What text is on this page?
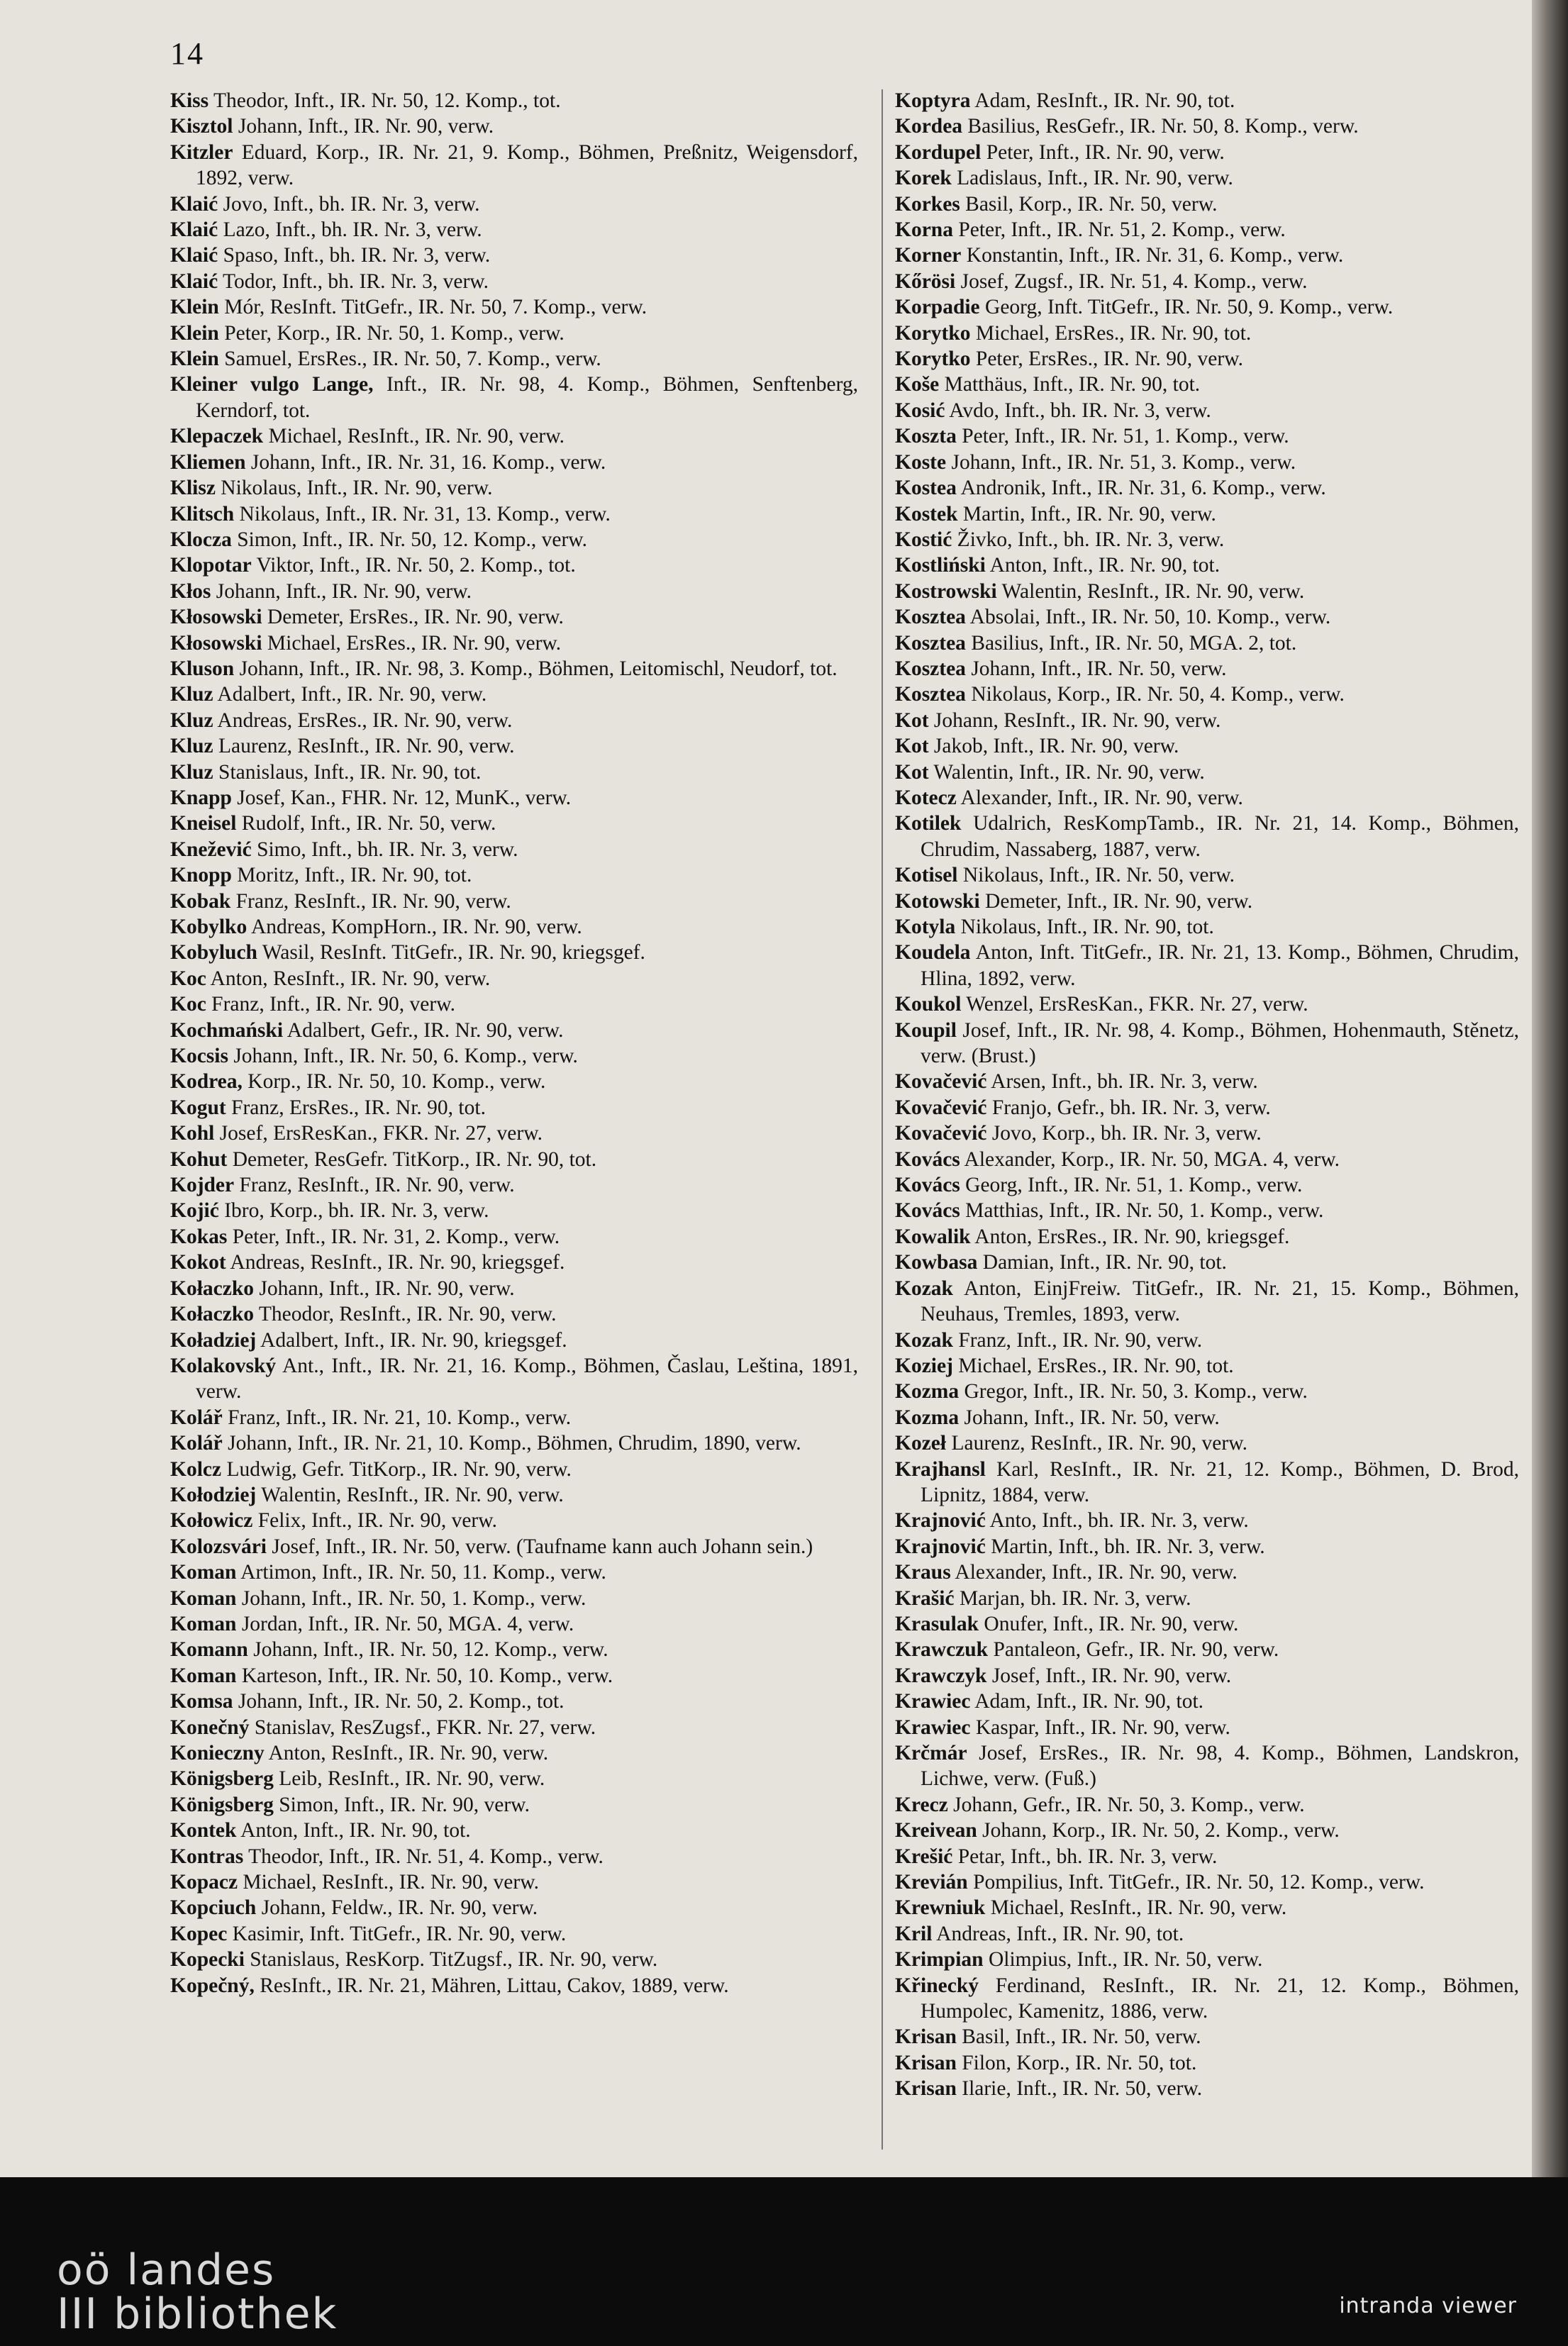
14

Kiss Theodor, Inft., IR. Nr. 50, 12. Komp., tot.

Kisztol Johann, Inft., IR. Nr. 90, verw.

Kitzler Eduard, Korp., IR. Nr. 21, 9. Komp., Böhmen, Preßnitz, Weigensdorf, 1892, verw.

Klaić Jovo, Inft., bh. IR. Nr. 3, verw.

Klaić Lazo, Inft., bh. IR. Nr. 3, verw.

Klaić Spaso, Inft., bh. IR. Nr. 3, verw.

Klaić Todor, Inft., bh. IR. Nr. 3, verw.

Klein Mór, ResInft. TitGefr., IR. Nr. 50, 7. Komp., verw.

Klein Peter, Korp., IR. Nr. 50, 1. Komp., verw.

Klein Samuel, ErsRes., IR. Nr. 50, 7. Komp., verw.

Kleiner vulgo Lange, Inft., IR. Nr. 98, 4. Komp., Böhmen, Senftenberg, Kerndorf, tot.

Klepaczek Michael, ResInft., IR. Nr. 90, verw.

Kliemen Johann, Inft., IR. Nr. 31, 16. Komp., verw.

Klisz Nikolaus, Inft., IR. Nr. 90, verw.

Klitsch Nikolaus, Inft., IR. Nr. 31, 13. Komp., verw.

Klocza Simon, Inft., IR. Nr. 50, 12. Komp., verw.

Klopotar Viktor, Inft., IR. Nr. 50, 2. Komp., tot.

Kłos Johann, Inft., IR. Nr. 90, verw.

Kłosowski Demeter, ErsRes., IR. Nr. 90, verw.

Kłosowski Michael, ErsRes., IR. Nr. 90, verw.

Kluson Johann, Inft., IR. Nr. 98, 3. Komp., Böhmen, Leitomischl, Neudorf, tot.

Kluz Adalbert, Inft., IR. Nr. 90, verw.

Kluz Andreas, ErsRes., IR. Nr. 90, verw.

Kluz Laurenz, ResInft., IR. Nr. 90, verw.

Kluz Stanislaus, Inft., IR. Nr. 90, tot.

Knapp Josef, Kan., FHR. Nr. 12, MunK., verw.

Kneisel Rudolf, Inft., IR. Nr. 50, verw.

Knežević Simo, Inft., bh. IR. Nr. 3, verw.

Knopp Moritz, Inft., IR. Nr. 90, tot.

Kobak Franz, ResInft., IR. Nr. 90, verw.

Kobylko Andreas, KompHorn., IR. Nr. 90, verw.

Kobyluch Wasil, ResInft. TitGefr., IR. Nr. 90, kriegsgef.

Koc Anton, ResInft., IR. Nr. 90, verw.

Koc Franz, Inft., IR. Nr. 90, verw.

Kochmański Adalbert, Gefr., IR. Nr. 90, verw.

Kocsis Johann, Inft., IR. Nr. 50, 6. Komp., verw.

Kodrea, Korp., IR. Nr. 50, 10. Komp., verw.

Kogut Franz, ErsRes., IR. Nr. 90, tot.

Kohl Josef, ErsResKan., FKR. Nr. 27, verw.

Kohut Demeter, ResGefr. TitKorp., IR. Nr. 90, tot.

Kojder Franz, ResInft., IR. Nr. 90, verw.

Kojić Ibro, Korp., bh. IR. Nr. 3, verw.

Kokas Peter, Inft., IR. Nr. 31, 2. Komp., verw.

Kokot Andreas, ResInft., IR. Nr. 90, kriegsgef.

Kołaczko Johann, Inft., IR. Nr. 90, verw.

Kołaczko Theodor, ResInft., IR. Nr. 90, verw.

Koładziej Adalbert, Inft., IR. Nr. 90, kriegsgef.

Kolakovský Ant., Inft., IR. Nr. 21, 16. Komp., Böhmen, Časlau, Leština, 1891, verw.

Kolář Franz, Inft., IR. Nr. 21, 10. Komp., verw.

Kolář Johann, Inft., IR. Nr. 21, 10. Komp., Böhmen, Chrudim, 1890, verw.

Kolcz Ludwig, Gefr. TitKorp., IR. Nr. 90, verw.

Kołodziej Walentin, ResInft., IR. Nr. 90, verw.

Kołowicz Felix, Inft., IR. Nr. 90, verw.

Kolozsvári Josef, Inft., IR. Nr. 50, verw. (Taufname kann auch Johann sein.)

Koman Artimon, Inft., IR. Nr. 50, 11. Komp., verw.

Koman Johann, Inft., IR. Nr. 50, 1. Komp., verw.

Koman Jordan, Inft., IR. Nr. 50, MGA. 4, verw.

Komann Johann, Inft., IR. Nr. 50, 12. Komp., verw.

Koman Karteson, Inft., IR. Nr. 50, 10. Komp., verw.

Komsa Johann, Inft., IR. Nr. 50, 2. Komp., tot.

Konečný Stanislav, ResZugsf., FKR. Nr. 27, verw.

Konieczny Anton, ResInft., IR. Nr. 90, verw.

Königsberg Leib, ResInft., IR. Nr. 90, verw.

Königsberg Simon, Inft., IR. Nr. 90, verw.

Kontek Anton, Inft., IR. Nr. 90, tot.

Kontras Theodor, Inft., IR. Nr. 51, 4. Komp., verw.

Kopacz Michael, ResInft., IR. Nr. 90, verw.

Kopciuch Johann, Feldw., IR. Nr. 90, verw.

Kopec Kasimir, Inft. TitGefr., IR. Nr. 90, verw.

Kopecki Stanislaus, ResKorp. TitZugsf., IR. Nr. 90, verw.

Kopečný, ResInft., IR. Nr. 21, Mähren, Littau, Cakov, 1889, verw.

Koptyra Adam, ResInft., IR. Nr. 90, tot.

Kordea Basilius, ResGefr., IR. Nr. 50, 8. Komp., verw.

Kordupel Peter, Inft., IR. Nr. 90, verw.

Korek Ladislaus, Inft., IR. Nr. 90, verw.

Korkes Basil, Korp., IR. Nr. 50, verw.

Korna Peter, Inft., IR. Nr. 51, 2. Komp., verw.

Korner Konstantin, Inft., IR. Nr. 31, 6. Komp., verw.

Kőrösi Josef, Zugsf., IR. Nr. 51, 4. Komp., verw.

Korpadie Georg, Inft. TitGefr., IR. Nr. 50, 9. Komp., verw.

Korytko Michael, ErsRes., IR. Nr. 90, tot.

Korytko Peter, ErsRes., IR. Nr. 90, verw.

Koše Matthäus, Inft., IR. Nr. 90, tot.

Kosić Avdo, Inft., bh. IR. Nr. 3, verw.

Koszta Peter, Inft., IR. Nr. 51, 1. Komp., verw.

Koste Johann, Inft., IR. Nr. 51, 3. Komp., verw.

Kostea Andronik, Inft., IR. Nr. 31, 6. Komp., verw.

Kostek Martin, Inft., IR. Nr. 90, verw.

Kostić Živko, Inft., bh. IR. Nr. 3, verw.

Kostliński Anton, Inft., IR. Nr. 90, tot.

Kostrowski Walentin, ResInft., IR. Nr. 90, verw.

Kosztea Absolai, Inft., IR. Nr. 50, 10. Komp., verw.

Kosztea Basilius, Inft., IR. Nr. 50, MGA. 2, tot.

Kosztea Johann, Inft., IR. Nr. 50, verw.

Kosztea Nikolaus, Korp., IR. Nr. 50, 4. Komp., verw.

Kot Johann, ResInft., IR. Nr. 90, verw.

Kot Jakob, Inft., IR. Nr. 90, verw.

Kot Walentin, Inft., IR. Nr. 90, verw.

Kotecz Alexander, Inft., IR. Nr. 90, verw.

Kotilek Udalrich, ResKompTamb., IR. Nr. 21, 14. Komp., Böhmen, Chrudim, Nassaberg, 1887, verw.

Kotisel Nikolaus, Inft., IR. Nr. 50, verw.

Kotowski Demeter, Inft., IR. Nr. 90, verw.

Kotyla Nikolaus, Inft., IR. Nr. 90, tot.

Koudela Anton, Inft. TitGefr., IR. Nr. 21, 13. Komp., Böhmen, Chrudim, Hlina, 1892, verw.

Koukol Wenzel, ErsResKan., FKR. Nr. 27, verw.

Koupil Josef, Inft., IR. Nr. 98, 4. Komp., Böhmen, Hohenmauth, Stěnetz, verw. (Brust.)

Kovačević Arsen, Inft., bh. IR. Nr. 3, verw.

Kovačević Franjo, Gefr., bh. IR. Nr. 3, verw.

Kovačević Jovo, Korp., bh. IR. Nr. 3, verw.

Kovács Alexander, Korp., IR. Nr. 50, MGA. 4, verw.

Kovács Georg, Inft., IR. Nr. 51, 1. Komp., verw.

Kovács Matthias, Inft., IR. Nr. 50, 1. Komp., verw.

Kowalik Anton, ErsRes., IR. Nr. 90, kriegsgef.

Kowbasa Damian, Inft., IR. Nr. 90, tot.

Kozak Anton, EinjFreiw. TitGefr., IR. Nr. 21, 15. Komp., Böhmen, Neuhaus, Tremles, 1893, verw.

Kozak Franz, Inft., IR. Nr. 90, verw.

Koziej Michael, ErsRes., IR. Nr. 90, tot.

Kozma Gregor, Inft., IR. Nr. 50, 3. Komp., verw.

Kozma Johann, Inft., IR. Nr. 50, verw.

Kozeł Laurenz, ResInft., IR. Nr. 90, verw.

Krajhansl Karl, ResInft., IR. Nr. 21, 12. Komp., Böhmen, D. Brod, Lipnitz, 1884, verw.

Krajnović Anto, Inft., bh. IR. Nr. 3, verw.

Krajnović Martin, Inft., bh. IR. Nr. 3, verw.

Kraus Alexander, Inft., IR. Nr. 90, verw.

Krašić Marjan, bh. IR. Nr. 3, verw.

Krasulak Onufer, Inft., IR. Nr. 90, verw.

Krawczuk Pantaleon, Gefr., IR. Nr. 90, verw.

Krawczyk Josef, Inft., IR. Nr. 90, verw.

Krawiec Adam, Inft., IR. Nr. 90, tot.

Krawiec Kaspar, Inft., IR. Nr. 90, verw.

Krčmár Josef, ErsRes., IR. Nr. 98, 4. Komp., Böhmen, Landskron, Lichwe, verw. (Fuß.)

Krecz Johann, Gefr., IR. Nr. 50, 3. Komp., verw.

Kreivean Johann, Korp., IR. Nr. 50, 2. Komp., verw.

Krešić Petar, Inft., bh. IR. Nr. 3, verw.

Krevián Pompilius, Inft. TitGefr., IR. Nr. 50, 12. Komp., verw.

Krewniuk Michael, ResInft., IR. Nr. 90, verw.

Kril Andreas, Inft., IR. Nr. 90, tot.

Krimpian Olimpius, Inft., IR. Nr. 50, verw.

Křinecký Ferdinand, ResInft., IR. Nr. 21, 12. Komp., Böhmen, Humpolec, Kamenitz, 1886, verw.

Krisan Basil, Inft., IR. Nr. 50, verw.

Krisan Filon, Korp., IR. Nr. 50, tot.

Krisan Ilarie, Inft., IR. Nr. 50, verw.

oö landes
III bibliothek	intranda viewer
